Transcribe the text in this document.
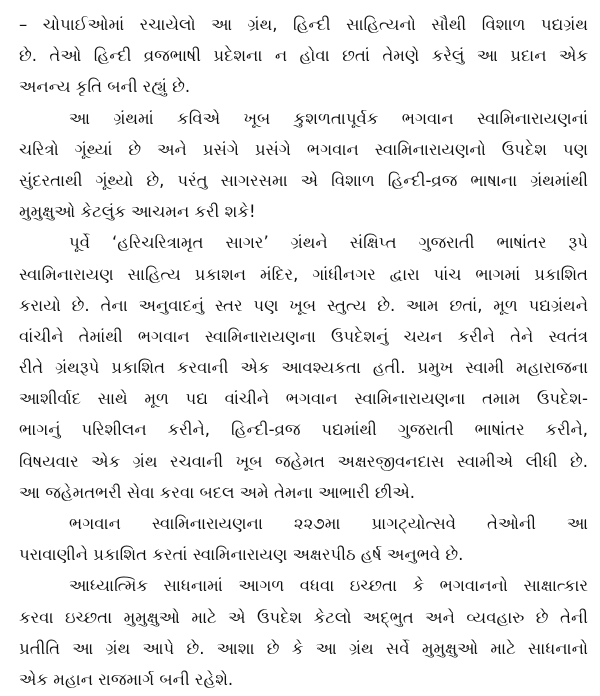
– ચોપાઈઓમાં રચાયેલો આ ગ્રંથ, હિન્દી સાહિત્યનો સૌથી વિશાળ પદ્યગ્રંથ
છે. તેઓ હિન્દી વ્રજભાષી પ્રદેશના ન હોવા છતાં તેમણે કરેલું આ પ્રદાન એક
અનન્ય કૃતિ બની રહ્યું છે.
આ ગ્રંથમાં કવિએ ખૂબ કુશળતાપૂર્વક ભગવાન સ્વામિનારાયણનાં
ચરિત્રો ગૂંથ્યાં છે અને પ્રસંગે પ્રસંગે ભગવાન સ્વામિનારાયણનો ઉપદેશ પણ
સુંદરતાથી ગૂંથ્યો છે, પરંતુ સાગરસમા એ વિશાળ હિન્દી-વ્રજ ભાષાના ગ્રંથમાંથી
મુમુક્ષુઓ કેટલુંક આચમન કરી શકે!
પૂર્વે ‘હરિચરિત્રામૃત સાગર’ ગ્રંથને સંક્ષિપ્ત ગુજરાતી ભાષાંતર રૂપે
સ્વામિનારાયણ સાહિત્ય પ્રકાશન મંદિર, ગાંધીનગર દ્વારા પાંચ ભાગમાં પ્રકાશિત
કરાયો છે. તેના અનુવાદનું સ્તર પણ ખૂબ સ્તુત્ય છે. આમ છતાં, મૂળ પદ્યગ્રંથને
વાંચીને તેમાંથી ભગવાન સ્વામિનારાયણના ઉપદેશનું ચયન કરીને તેને સ્વતંત્ર
રીતે ગ્રંથરૂપે પ્રકાશિત કરવાની એક આવશ્યકતા હતી. પ્રમુખ સ્વામી મહારાજના
આશીર્વાદ સાથે મૂળ પદ્ય વાંચીને ભગવાન સ્વામિનારાયણના તમામ ઉપદેશ-
ભાગનું પરિશીલન કરીને, હિન્દી-વ્રજ પદ્યમાંથી ગુજરાતી ભાષાંતર કરીને,
વિષયવાર એક ગ્રંથ રચવાની ખૂબ જહેમત અક્ષરજીવનદાસ સ્વામીએ લીધી છે.
આ જહેમતભરી સેવા કરવા બદલ અમે તેમના આભારી છીએ.
ભગવાન સ્વામિનારાયણના ૨૨૭મા પ્રાગટ્યોત્સવે તેઓની આ
પરાવાણીને પ્રકાશિત કરતાં સ્વામિનારાયણ અક્ષરપીઠ હર્ષ અનુભવે છે.
આધ્યાત્મિક સાધનામાં આગળ વધવા ઇચ્છતા કે ભગવાનનો સાક્ષાત્કાર
કરવા ઇચ્છતા મુમુક્ષુઓ માટે એ ઉપદેશ કેટલો અદ્‌ભુત અને વ્યવહારુ છે તેની
પ્રતીતિ આ ગ્રંથ આપે છે. આશા છે કે આ ગ્રંથ સર્વે મુમુક્ષુઓ માટે સાધનાનો
એક મહાન રાજમાર્ગ બની રહેશે.
